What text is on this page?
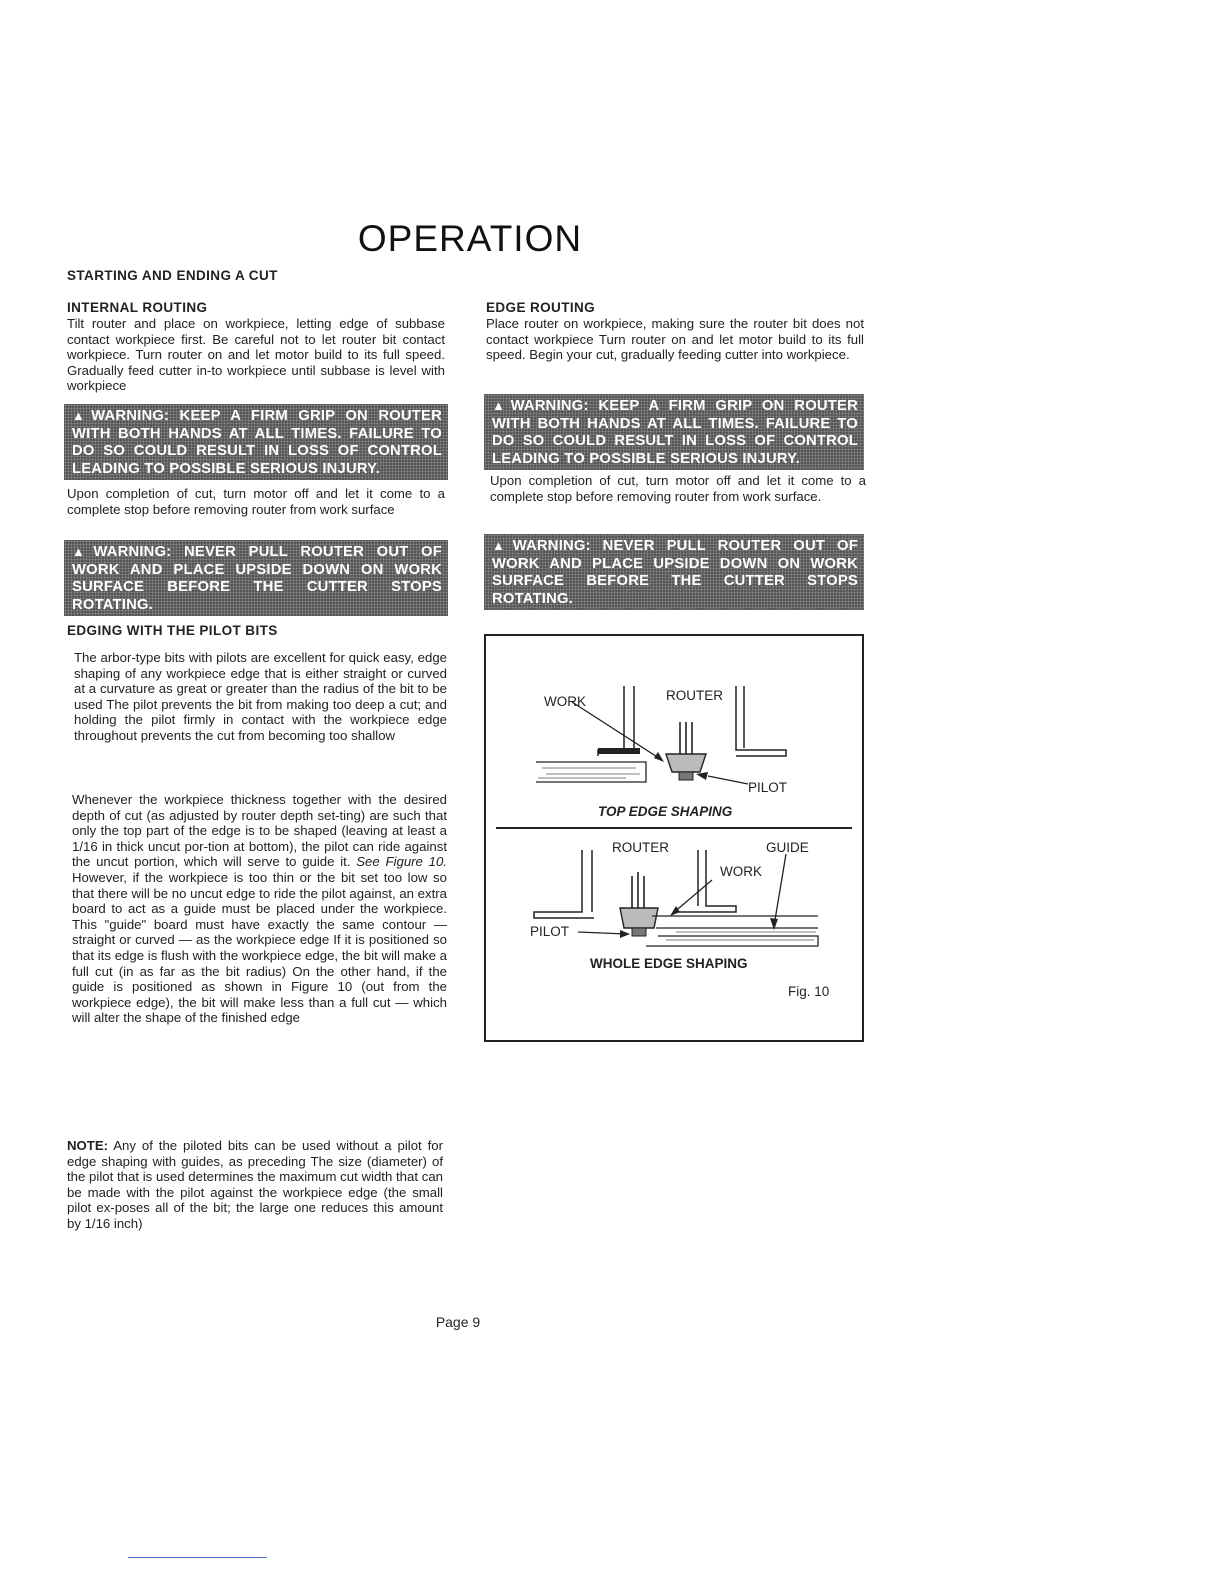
OPERATION
STARTING AND ENDING A CUT
INTERNAL ROUTING
Tilt router and place on workpiece, letting edge of subbase contact workpiece first. Be careful not to let router bit contact workpiece. Turn router on and let motor build to its full speed. Gradually feed cutter in-to workpiece until subbase is level with workpiece
▲WARNING: KEEP A FIRM GRIP ON ROUTER WITH BOTH HANDS AT ALL TIMES. FAILURE TO DO SO COULD RESULT IN LOSS OF CONTROL LEADING TO POSSIBLE SERIOUS INJURY.
Upon completion of cut, turn motor off and let it come to a complete stop before removing router from work surface
▲WARNING: NEVER PULL ROUTER OUT OF WORK AND PLACE UPSIDE DOWN ON WORK SURFACE BEFORE THE CUTTER STOPS ROTATING.
EDGING WITH THE PILOT BITS
The arbor-type bits with pilots are excellent for quick easy, edge shaping of any workpiece edge that is either straight or curved at a curvature as great or greater than the radius of the bit to be used The pilot prevents the bit from making too deep a cut; and holding the pilot firmly in contact with the workpiece edge throughout prevents the cut from becoming too shallow
Whenever the workpiece thickness together with the desired depth of cut (as adjusted by router depth set-ting) are such that only the top part of the edge is to be shaped (leaving at least a 1/16 in thick uncut por-tion at bottom), the pilot can ride against the uncut portion, which will serve to guide it. See Figure 10. However, if the workpiece is too thin or the bit set too low so that there will be no uncut edge to ride the pilot against, an extra board to act as a guide must be placed under the workpiece. This "guide" board must have exactly the same contour — straight or curved — as the workpiece edge If it is positioned so that its edge is flush with the workpiece edge, the bit will make a full cut (in as far as the bit radius) On the other hand, if the guide is positioned as shown in Figure 10 (out from the workpiece edge), the bit will make less than a full cut — which will alter the shape of the finished edge
NOTE: Any of the piloted bits can be used without a pilot for edge shaping with guides, as preceding The size (diameter) of the pilot that is used determines the maximum cut width that can be made with the pilot against the workpiece edge (the small pilot ex-poses all of the bit; the large one reduces this amount by 1/16 inch)
EDGE ROUTING
Place router on workpiece, making sure the router bit does not contact workpiece Turn router on and let motor build to its full speed. Begin your cut, gradually feeding cutter into workpiece.
▲WARNING: KEEP A FIRM GRIP ON ROUTER WITH BOTH HANDS AT ALL TIMES. FAILURE TO DO SO COULD RESULT IN LOSS OF CONTROL LEADING TO POSSIBLE SERIOUS INJURY.
Upon completion of cut, turn motor off and let it come to a complete stop before removing router from work surface.
▲WARNING: NEVER PULL ROUTER OUT OF WORK AND PLACE UPSIDE DOWN ON WORK SURFACE BEFORE THE CUTTER STOPS ROTATING.
WORK	ROUTER
PILOT
TOP EDGE SHAPING
ROUTER	GUIDE
WORK
PILOT
WHOLE EDGE SHAPING
Fig. 10
Page 9
